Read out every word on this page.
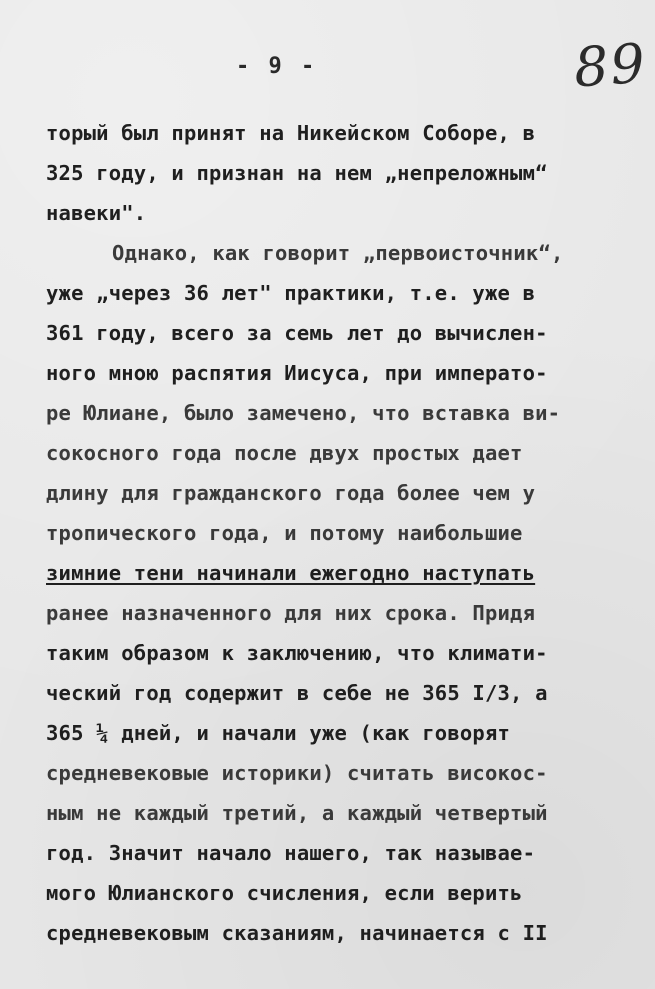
- 9 -	89
торый был принят на Никейском Соборе, в
325 году, и признан на нем „непреложным“
навеки".
Однако, как говорит „первоисточник“,
уже „через 36 лет" практики, т.е. уже в
361 году, всего за семь лет до вычислен-
ного мною распятия Иисуса, при императо-
ре Юлиане, было замечено, что вставка ви-
сокосного года после двух простых дает
длину для гражданского года более чем у
тропического года, и потому наибольшие
зимние тени начинали ежегодно наступать
ранее назначенного для них срока. Придя
таким образом к заключению, что климати-
ческий год содержит в себе не 365 I/3, а
365 ¼ дней, и начали уже (как говорят
средневековые историки) считать високос-
ным не каждый третий, а каждый четвертый
год. Значит начало нашего, так называе-
мого Юлианского счисления, если верить
средневековым сказаниям, начинается с II
